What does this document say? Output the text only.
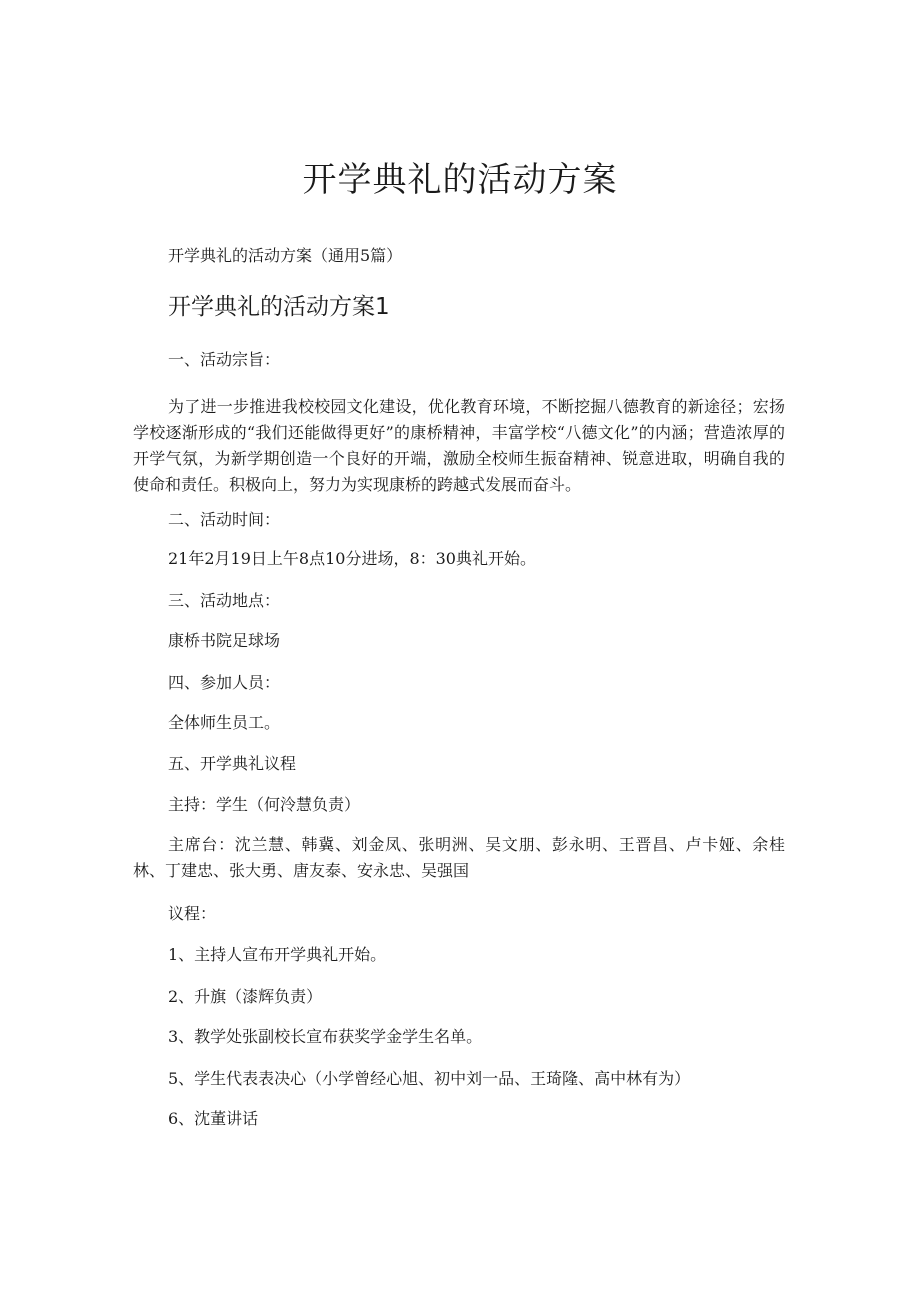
开学典礼的活动方案
开学典礼的活动方案（通用5篇）
开学典礼的活动方案1
一、活动宗旨：
为了进一步推进我校校园文化建设，优化教育环境，不断挖掘八德教育的新途径；宏扬学校逐渐形成的“我们还能做得更好”的康桥精神，丰富学校“八德文化”的内涵；营造浓厚的开学气氛，为新学期创造一个良好的开端，激励全校师生振奋精神、锐意进取，明确自我的使命和责任。积极向上，努力为实现康桥的跨越式发展而奋斗。
二、活动时间：
21年2月19日上午8点10分进场，8：30典礼开始。
三、活动地点：
康桥书院足球场
四、参加人员：
全体师生员工。
五、开学典礼议程
主持：学生（何泠慧负责）
主席台：沈兰慧、韩冀、刘金凤、张明洲、吴文朋、彭永明、王晋昌、卢卡娅、余桂林、丁建忠、张大勇、唐友泰、安永忠、吴强国
议程：
1、主持人宣布开学典礼开始。
2、升旗（漆辉负责）
3、教学处张副校长宣布获奖学金学生名单。
5、学生代表表决心（小学曾经心旭、初中刘一品、王琦隆、高中林有为）
6、沈董讲话
